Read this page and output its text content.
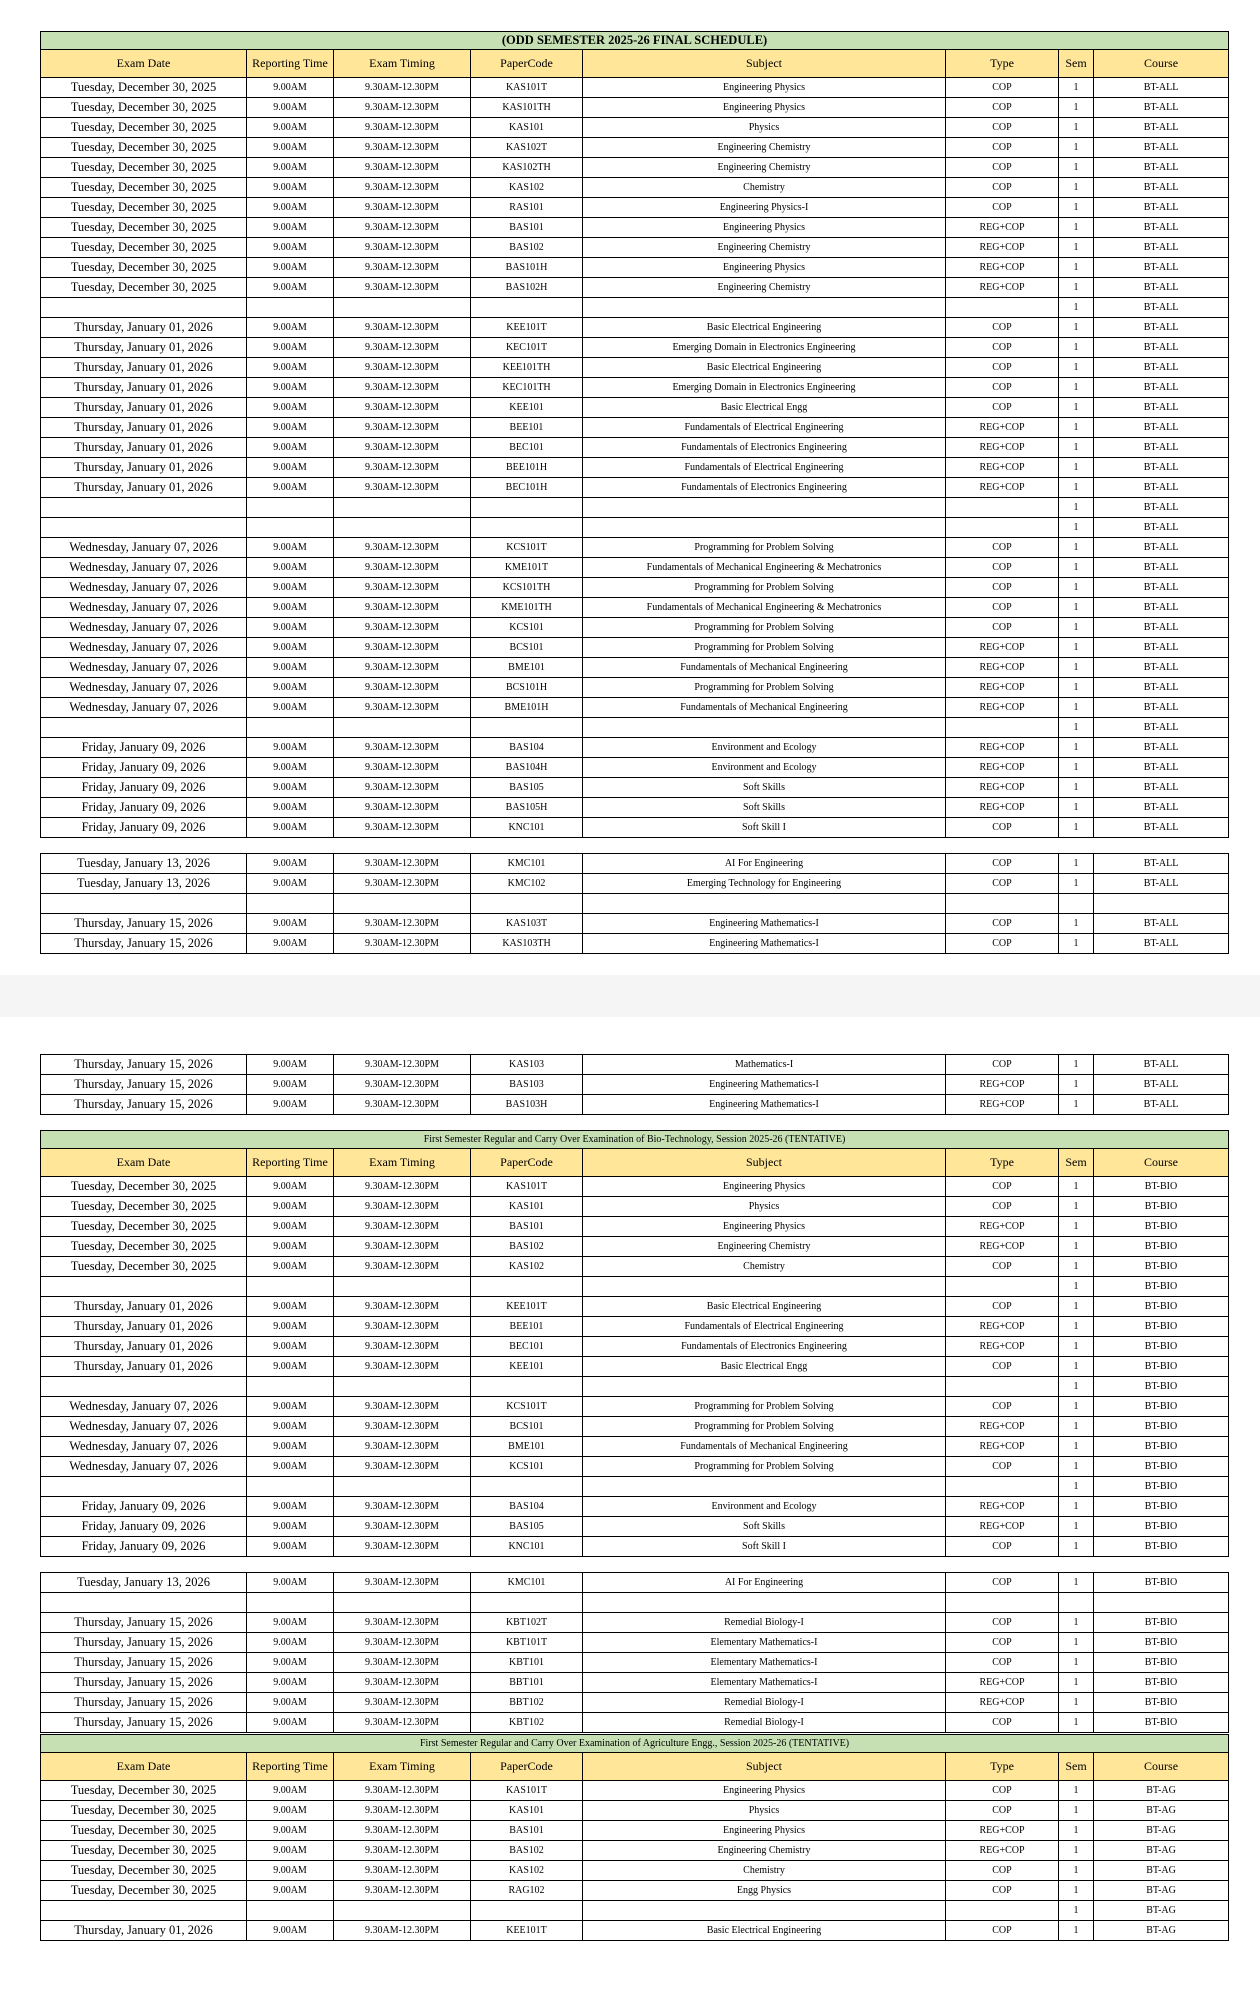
(ODD SEMESTER 2025-26 FINAL SCHEDULE)							
Exam Date	Reporting Time	Exam Timing	PaperCode	Subject	Type	Sem	Course
Tuesday, December 30, 2025	9.00AM	9.30AM-12.30PM	KAS101T	Engineering Physics	COP	1	BT-ALL
Tuesday, December 30, 2025	9.00AM	9.30AM-12.30PM	KAS101TH	Engineering Physics	COP	1	BT-ALL
Tuesday, December 30, 2025	9.00AM	9.30AM-12.30PM	KAS101	Physics	COP	1	BT-ALL
Tuesday, December 30, 2025	9.00AM	9.30AM-12.30PM	KAS102T	Engineering Chemistry	COP	1	BT-ALL
Tuesday, December 30, 2025	9.00AM	9.30AM-12.30PM	KAS102TH	Engineering Chemistry	COP	1	BT-ALL
Tuesday, December 30, 2025	9.00AM	9.30AM-12.30PM	KAS102	Chemistry	COP	1	BT-ALL
Tuesday, December 30, 2025	9.00AM	9.30AM-12.30PM	RAS101	Engineering Physics-I	COP	1	BT-ALL
Tuesday, December 30, 2025	9.00AM	9.30AM-12.30PM	BAS101	Engineering Physics	REG+COP	1	BT-ALL
Tuesday, December 30, 2025	9.00AM	9.30AM-12.30PM	BAS102	Engineering Chemistry	REG+COP	1	BT-ALL
Tuesday, December 30, 2025	9.00AM	9.30AM-12.30PM	BAS101H	Engineering Physics	REG+COP	1	BT-ALL
Tuesday, December 30, 2025	9.00AM	9.30AM-12.30PM	BAS102H	Engineering Chemistry	REG+COP	1	BT-ALL
						1	BT-ALL
Thursday, January 01, 2026	9.00AM	9.30AM-12.30PM	KEE101T	Basic Electrical Engineering	COP	1	BT-ALL
Thursday, January 01, 2026	9.00AM	9.30AM-12.30PM	KEC101T	Emerging Domain in Electronics Engineering	COP	1	BT-ALL
Thursday, January 01, 2026	9.00AM	9.30AM-12.30PM	KEE101TH	Basic Electrical Engineering	COP	1	BT-ALL
Thursday, January 01, 2026	9.00AM	9.30AM-12.30PM	KEC101TH	Emerging Domain in Electronics Engineering	COP	1	BT-ALL
Thursday, January 01, 2026	9.00AM	9.30AM-12.30PM	KEE101	Basic Electrical Engg	COP	1	BT-ALL
Thursday, January 01, 2026	9.00AM	9.30AM-12.30PM	BEE101	Fundamentals of Electrical Engineering	REG+COP	1	BT-ALL
Thursday, January 01, 2026	9.00AM	9.30AM-12.30PM	BEC101	Fundamentals of Electronics Engineering	REG+COP	1	BT-ALL
Thursday, January 01, 2026	9.00AM	9.30AM-12.30PM	BEE101H	Fundamentals of Electrical Engineering	REG+COP	1	BT-ALL
Thursday, January 01, 2026	9.00AM	9.30AM-12.30PM	BEC101H	Fundamentals of Electronics Engineering	REG+COP	1	BT-ALL
						1	BT-ALL
						1	BT-ALL
Wednesday, January 07, 2026	9.00AM	9.30AM-12.30PM	KCS101T	Programming for Problem Solving	COP	1	BT-ALL
Wednesday, January 07, 2026	9.00AM	9.30AM-12.30PM	KME101T	Fundamentals of Mechanical Engineering & Mechatronics	COP	1	BT-ALL
Wednesday, January 07, 2026	9.00AM	9.30AM-12.30PM	KCS101TH	Programming for Problem Solving	COP	1	BT-ALL
Wednesday, January 07, 2026	9.00AM	9.30AM-12.30PM	KME101TH	Fundamentals of Mechanical Engineering & Mechatronics	COP	1	BT-ALL
Wednesday, January 07, 2026	9.00AM	9.30AM-12.30PM	KCS101	Programming for Problem Solving	COP	1	BT-ALL
Wednesday, January 07, 2026	9.00AM	9.30AM-12.30PM	BCS101	Programming for Problem Solving	REG+COP	1	BT-ALL
Wednesday, January 07, 2026	9.00AM	9.30AM-12.30PM	BME101	Fundamentals of Mechanical Engineering	REG+COP	1	BT-ALL
Wednesday, January 07, 2026	9.00AM	9.30AM-12.30PM	BCS101H	Programming for Problem Solving	REG+COP	1	BT-ALL
Wednesday, January 07, 2026	9.00AM	9.30AM-12.30PM	BME101H	Fundamentals of Mechanical Engineering	REG+COP	1	BT-ALL
						1	BT-ALL
Friday, January 09, 2026	9.00AM	9.30AM-12.30PM	BAS104	Environment and Ecology	REG+COP	1	BT-ALL
Friday, January 09, 2026	9.00AM	9.30AM-12.30PM	BAS104H	Environment and Ecology	REG+COP	1	BT-ALL
Friday, January 09, 2026	9.00AM	9.30AM-12.30PM	BAS105	Soft Skills	REG+COP	1	BT-ALL
Friday, January 09, 2026	9.00AM	9.30AM-12.30PM	BAS105H	Soft Skills	REG+COP	1	BT-ALL
Friday, January 09, 2026	9.00AM	9.30AM-12.30PM	KNC101	Soft Skill I	COP	1	BT-ALL

Tuesday, January 13, 2026	9.00AM	9.30AM-12.30PM	KMC101	AI For Engineering	COP	1	BT-ALL
Tuesday, January 13, 2026	9.00AM	9.30AM-12.30PM	KMC102	Emerging Technology for Engineering	COP	1	BT-ALL

Thursday, January 15, 2026	9.00AM	9.30AM-12.30PM	KAS103T	Engineering Mathematics-I	COP	1	BT-ALL
Thursday, January 15, 2026	9.00AM	9.30AM-12.30PM	KAS103TH	Engineering Mathematics-I	COP	1	BT-ALL
Thursday, January 15, 2026	9.00AM	9.30AM-12.30PM	KAS103	Mathematics-I	COP	1	BT-ALL
Thursday, January 15, 2026	9.00AM	9.30AM-12.30PM	BAS103	Engineering Mathematics-I	REG+COP	1	BT-ALL
Thursday, January 15, 2026	9.00AM	9.30AM-12.30PM	BAS103H	Engineering Mathematics-I	REG+COP	1	BT-ALL
First Semester Regular and Carry Over Examination of Bio-Technology, Session 2025-26 (TENTATIVE)							
Exam Date	Reporting Time	Exam Timing	PaperCode	Subject	Type	Sem	Course
Tuesday, December 30, 2025	9.00AM	9.30AM-12.30PM	KAS101T	Engineering Physics	COP	1	BT-BIO
Tuesday, December 30, 2025	9.00AM	9.30AM-12.30PM	KAS101	Physics	COP	1	BT-BIO
Tuesday, December 30, 2025	9.00AM	9.30AM-12.30PM	BAS101	Engineering Physics	REG+COP	1	BT-BIO
Tuesday, December 30, 2025	9.00AM	9.30AM-12.30PM	BAS102	Engineering Chemistry	REG+COP	1	BT-BIO
Tuesday, December 30, 2025	9.00AM	9.30AM-12.30PM	KAS102	Chemistry	COP	1	BT-BIO
						1	BT-BIO
Thursday, January 01, 2026	9.00AM	9.30AM-12.30PM	KEE101T	Basic Electrical Engineering	COP	1	BT-BIO
Thursday, January 01, 2026	9.00AM	9.30AM-12.30PM	BEE101	Fundamentals of Electrical Engineering	REG+COP	1	BT-BIO
Thursday, January 01, 2026	9.00AM	9.30AM-12.30PM	BEC101	Fundamentals of Electronics Engineering	REG+COP	1	BT-BIO
Thursday, January 01, 2026	9.00AM	9.30AM-12.30PM	KEE101	Basic Electrical Engg	COP	1	BT-BIO
						1	BT-BIO
Wednesday, January 07, 2026	9.00AM	9.30AM-12.30PM	KCS101T	Programming for Problem Solving	COP	1	BT-BIO
Wednesday, January 07, 2026	9.00AM	9.30AM-12.30PM	BCS101	Programming for Problem Solving	REG+COP	1	BT-BIO
Wednesday, January 07, 2026	9.00AM	9.30AM-12.30PM	BME101	Fundamentals of Mechanical Engineering	REG+COP	1	BT-BIO
Wednesday, January 07, 2026	9.00AM	9.30AM-12.30PM	KCS101	Programming for Problem Solving	COP	1	BT-BIO
						1	BT-BIO
Friday, January 09, 2026	9.00AM	9.30AM-12.30PM	BAS104	Environment and Ecology	REG+COP	1	BT-BIO
Friday, January 09, 2026	9.00AM	9.30AM-12.30PM	BAS105	Soft Skills	REG+COP	1	BT-BIO
Friday, January 09, 2026	9.00AM	9.30AM-12.30PM	KNC101	Soft Skill I	COP	1	BT-BIO

Tuesday, January 13, 2026	9.00AM	9.30AM-12.30PM	KMC101	AI For Engineering	COP	1	BT-BIO

Thursday, January 15, 2026	9.00AM	9.30AM-12.30PM	KBT102T	Remedial Biology-I	COP	1	BT-BIO
Thursday, January 15, 2026	9.00AM	9.30AM-12.30PM	KBT101T	Elementary Mathematics-I	COP	1	BT-BIO
Thursday, January 15, 2026	9.00AM	9.30AM-12.30PM	KBT101	Elementary Mathematics-I	COP	1	BT-BIO
Thursday, January 15, 2026	9.00AM	9.30AM-12.30PM	BBT101	Elementary Mathematics-I	REG+COP	1	BT-BIO
Thursday, January 15, 2026	9.00AM	9.30AM-12.30PM	BBT102	Remedial Biology-I	REG+COP	1	BT-BIO
Thursday, January 15, 2026	9.00AM	9.30AM-12.30PM	KBT102	Remedial Biology-I	COP	1	BT-BIO
First Semester Regular and Carry Over Examination of Agriculture Engg., Session 2025-26 (TENTATIVE)							
Exam Date	Reporting Time	Exam Timing	PaperCode	Subject	Type	Sem	Course
Tuesday, December 30, 2025	9.00AM	9.30AM-12.30PM	KAS101T	Engineering Physics	COP	1	BT-AG
Tuesday, December 30, 2025	9.00AM	9.30AM-12.30PM	KAS101	Physics	COP	1	BT-AG
Tuesday, December 30, 2025	9.00AM	9.30AM-12.30PM	BAS101	Engineering Physics	REG+COP	1	BT-AG
Tuesday, December 30, 2025	9.00AM	9.30AM-12.30PM	BAS102	Engineering Chemistry	REG+COP	1	BT-AG
Tuesday, December 30, 2025	9.00AM	9.30AM-12.30PM	KAS102	Chemistry	COP	1	BT-AG
Tuesday, December 30, 2025	9.00AM	9.30AM-12.30PM	RAG102	Engg Physics	COP	1	BT-AG
						1	BT-AG
Thursday, January 01, 2026	9.00AM	9.30AM-12.30PM	KEE101T	Basic Electrical Engineering	COP	1	BT-AG
